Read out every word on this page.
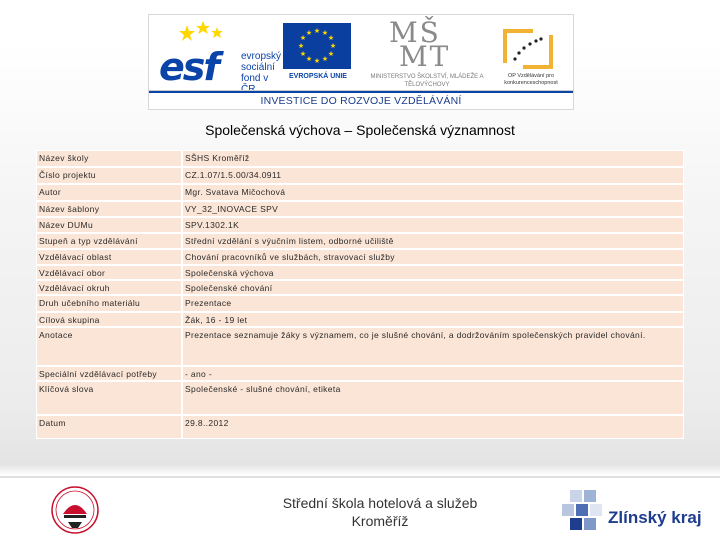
esf evropský
sociální
fond v
★ ★
★
★
★
★
★
★
★
★
★
★
EVROPSKÁ UNIE
MŠ
MT
MINISTERSTVO ŠKOLSTVÍ, MLÁDEŽE A TĚLOVÝCHOVY
OP Vzdělávání pro konkurenceschopnost
INVESTICE DO ROZVOJE VZDĚLÁVÁNÍ
Společenská výchova – Společenská významnost
Název školy	SŠHS Kroměříž
Číslo projektu	CZ.1.07/1.5.00/34.0911
Autor	Mgr. Svatava Mičochová
Název šablony	VY_32_INOVACE SPV
Název DUMu	SPV.1302.1K
Stupeň a typ vzdělávání	Střední vzdělání s výučním listem, odborné učiliště
Vzdělávací oblast	Chování pracovníků ve službách, stravovací služby
Vzdělávací obor	Společenská výchova
Vzdělávací okruh	Společenské chování
Druh učebního materiálu	Prezentace
Cílová skupina	Žák, 16 - 19 let
Anotace	Prezentace seznamuje žáky s významem, co je slušné chování, a dodržováním společenských pravidel chování.
Speciální vzdělávací potřeby	- ano -
Klíčová slova	Společenské - slušné chování, etiketa
Datum	29.8..2012
Střední škola hotelová a služeb
Kroměříž	Zlínský kraj
